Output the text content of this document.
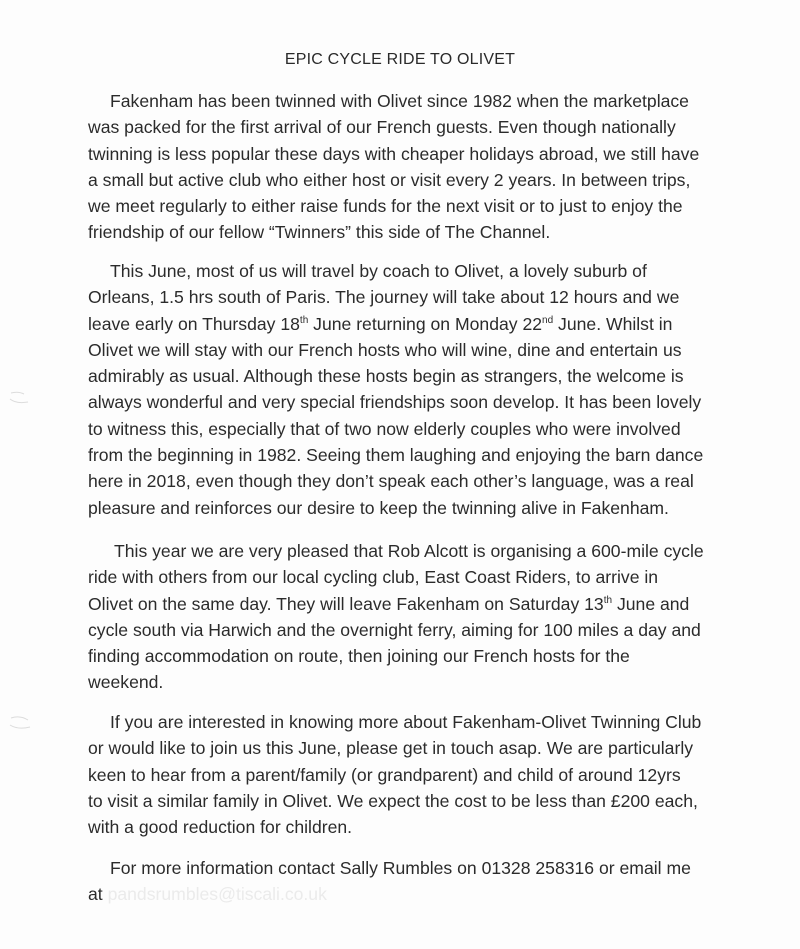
EPIC CYCLE RIDE TO OLIVET
Fakenham has been twinned with Olivet since 1982 when the marketplace
was packed for the first arrival of our French guests. Even though nationally
twinning is less popular these days with cheaper holidays abroad, we still have
a small but active club who either host or visit every 2 years. In between trips,
we meet regularly to either raise funds for the next visit or to just to enjoy the
friendship of our fellow “Twinners” this side of The Channel.
This June, most of us will travel by coach to Olivet, a lovely suburb of
Orleans, 1.5 hrs south of Paris. The journey will take about 12 hours and we
leave early on Thursday 18th June returning on Monday 22nd June. Whilst in
Olivet we will stay with our French hosts who will wine, dine and entertain us
admirably as usual. Although these hosts begin as strangers, the welcome is
always wonderful and very special friendships soon develop. It has been lovely
to witness this, especially that of two now elderly couples who were involved
from the beginning in 1982. Seeing them laughing and enjoying the barn dance
here in 2018, even though they don’t speak each other’s language, was a real
pleasure and reinforces our desire to keep the twinning alive in Fakenham.
This year we are very pleased that Rob Alcott is organising a 600-mile cycle
ride with others from our local cycling club, East Coast Riders, to arrive in
Olivet on the same day. They will leave Fakenham on Saturday 13th June and
cycle south via Harwich and the overnight ferry, aiming for 100 miles a day and
finding accommodation on route, then joining our French hosts for the
weekend.
If you are interested in knowing more about Fakenham-Olivet Twinning Club
or would like to join us this June, please get in touch asap. We are particularly
keen to hear from a parent/family (or grandparent) and child of around 12yrs
to visit a similar family in Olivet. We expect the cost to be less than £200 each,
with a good reduction for children.
For more information contact Sally Rumbles on 01328 258316 or email me
at pandsrumbles@tiscali.co.uk
